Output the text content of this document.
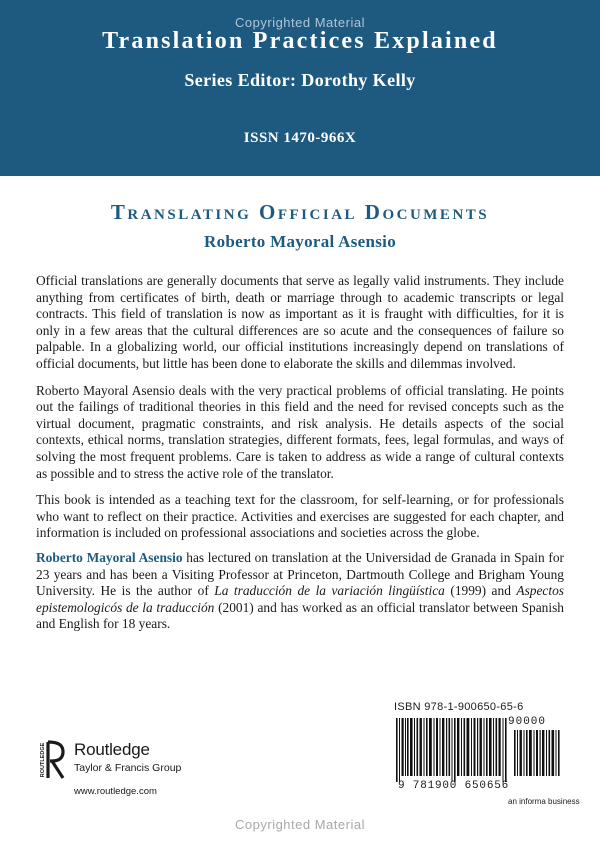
Copyrighted Material
Translation Practices Explained
Series Editor: Dorothy Kelly
ISSN 1470-966X
Translating Official Documents
Roberto Mayoral Asensio

Official translations are generally documents that serve as legally valid instruments. They include anything from certificates of birth, death or marriage through to academic transcripts or legal contracts. This field of translation is now as important as it is fraught with difficulties, for it is only in a few areas that the cultural differences are so acute and the consequences of failure so palpable. In a globalizing world, our official institutions increasingly depend on translations of official documents, but little has been done to elaborate the skills and dilemmas involved.

Roberto Mayoral Asensio deals with the very practical problems of official translating. He points out the failings of traditional theories in this field and the need for revised concepts such as the virtual document, pragmatic constraints, and risk analysis. He details aspects of the social contexts, ethical norms, translation strategies, different formats, fees, legal formulas, and ways of solving the most frequent problems. Care is taken to address as wide a range of cultural contexts as possible and to stress the active role of the translator.

This book is intended as a teaching text for the classroom, for self-learning, or for professionals who want to reflect on their practice. Activities and exercises are suggested for each chapter, and information is included on professional associations and societies across the globe.

Roberto Mayoral Asensio has lectured on translation at the Universidad de Granada in Spain for 23 years and has been a Visiting Professor at Princeton, Dartmouth College and Brigham Young University. He is the author of La traducción de la variación lingüística (1999) and Aspectos epistemologicós de la traducción (2001) and has worked as an official translator between Spanish and English for 18 years.

ROUTLEDGE Routledge
Taylor & Francis Group
www.routledge.com
ISBN 978-1-900650-65-6
90000
9 781900 650656
an informa business
Copyrighted Material
